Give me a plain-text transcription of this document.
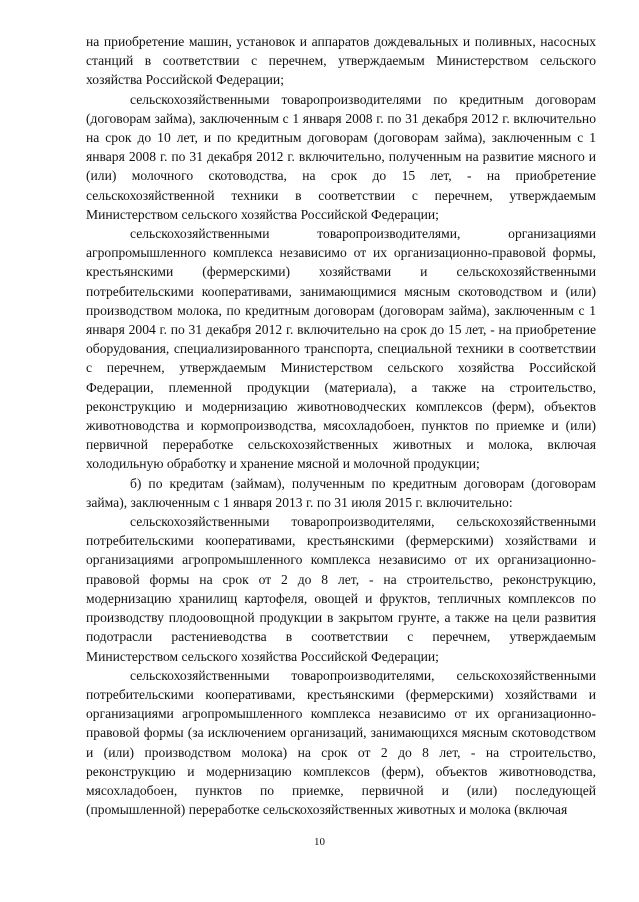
на приобретение машин, установок и аппаратов дождевальных и поливных, насосных станций в соответствии с перечнем, утверждаемым Министерством сельского хозяйства Российской Федерации;

сельскохозяйственными товаропроизводителями по кредитным договорам (договорам займа), заключенным с 1 января 2008 г. по 31 декабря 2012 г. включительно на срок до 10 лет, и по кредитным договорам (договорам займа), заключенным с 1 января 2008 г. по 31 декабря 2012 г. включительно, полученным на развитие мясного и (или) молочного скотоводства, на срок до 15 лет, - на приобретение сельскохозяйственной техники в соответствии с перечнем, утверждаемым Министерством сельского хозяйства Российской Федерации;

сельскохозяйственными товаропроизводителями, организациями агропромышленного комплекса независимо от их организационно-правовой формы, крестьянскими (фермерскими) хозяйствами и сельскохозяйственными потребительскими кооперативами, занимающимися мясным скотоводством и (или) производством молока, по кредитным договорам (договорам займа), заключенным с 1 января 2004 г. по 31 декабря 2012 г. включительно на срок до 15 лет, - на приобретение оборудования, специализированного транспорта, специальной техники в соответствии с перечнем, утверждаемым Министерством сельского хозяйства Российской Федерации, племенной продукции (материала), а также на строительство, реконструкцию и модернизацию животноводческих комплексов (ферм), объектов животноводства и кормопроизводства, мясохладобоен, пунктов по приемке и (или) первичной переработке сельскохозяйственных животных и молока, включая холодильную обработку и хранение мясной и молочной продукции;

б) по кредитам (займам), полученным по кредитным договорам (договорам займа), заключенным с 1 января 2013 г. по 31 июля 2015 г. включительно:

сельскохозяйственными товаропроизводителями, сельскохозяйственными потребительскими кооперативами, крестьянскими (фермерскими) хозяйствами и организациями агропромышленного комплекса независимо от их организационно-правовой формы на срок от 2 до 8 лет, - на строительство, реконструкцию, модернизацию хранилищ картофеля, овощей и фруктов, тепличных комплексов по производству плодоовощной продукции в закрытом грунте, а также на цели развития подотрасли растениеводства в соответствии с перечнем, утверждаемым Министерством сельского хозяйства Российской Федерации;

сельскохозяйственными товаропроизводителями, сельскохозяйственными потребительскими кооперативами, крестьянскими (фермерскими) хозяйствами и организациями агропромышленного комплекса независимо от их организационно-правовой формы (за исключением организаций, занимающихся мясным скотоводством и (или) производством молока) на срок от 2 до 8 лет, - на строительство, реконструкцию и модернизацию комплексов (ферм), объектов животноводства, мясохладобоен, пунктов по приемке, первичной и (или) последующей (промышленной) переработке сельскохозяйственных животных и молока (включая

10
